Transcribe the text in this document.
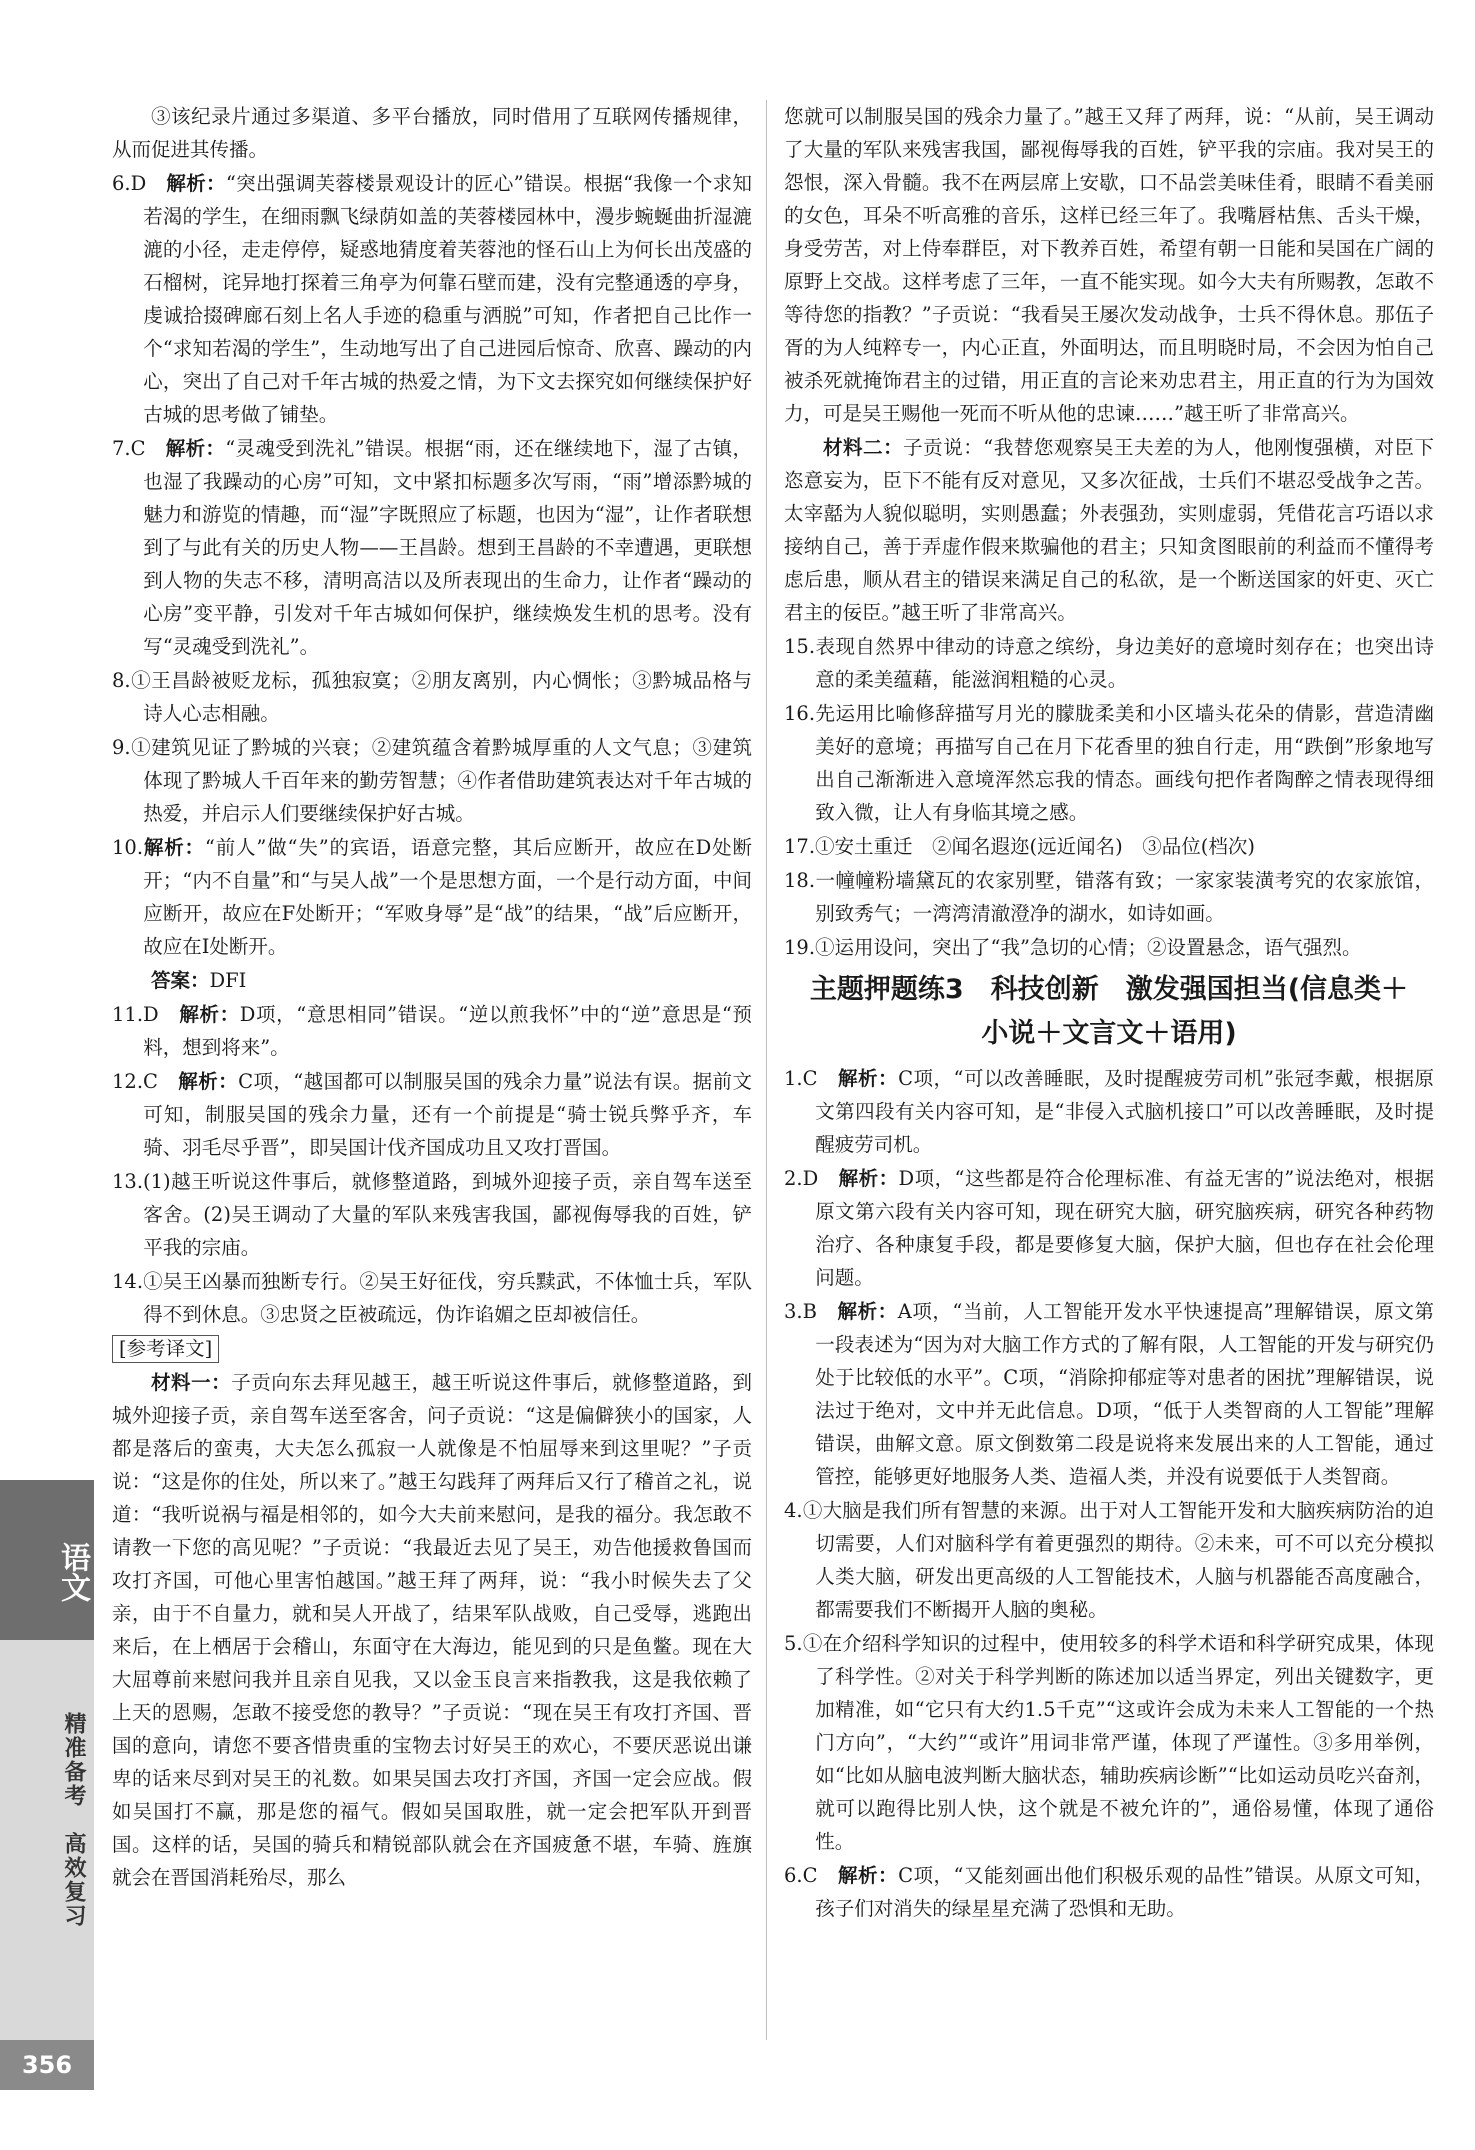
③该纪录片通过多渠道、多平台播放，同时借用了互联网传播规律，从而促进其传播。

6.D　 解析：“突出强调芙蓉楼景观设计的匠心”错误。根据“我像一个求知若渴的学生，在细雨飘飞绿荫如盖的芙蓉楼园林中，漫步蜿蜒曲折湿漉漉的小径，走走停停，疑惑地猜度着芙蓉池的怪石山上为何长出茂盛的石榴树，诧异地打探着三角亭为何靠石壁而建，没有完整通透的亭身，虔诚拾掇碑廊石刻上名人手迹的稳重与洒脱”可知，作者把自己比作一个“求知若渴的学生”，生动地写出了自己进园后惊奇、欣喜、躁动的内心，突出了自己对千年古城的热爱之情，为下文去探究如何继续保护好古城的思考做了铺垫。

7.C　 解析：“灵魂受到洗礼”错误。根据“雨，还在继续地下，湿了古镇，也湿了我躁动的心房”可知，文中紧扣标题多次写雨，“雨”增添黔城的魅力和游览的情趣，而“湿”字既照应了标题，也因为“湿”，让作者联想到了与此有关的历史人物——王昌龄。想到王昌龄的不幸遭遇，更联想到人物的失志不移，清明高洁以及所表现出的生命力，让作者“躁动的心房”变平静，引发对千年古城如何保护，继续焕发生机的思考。没有写“灵魂受到洗礼”。

8.①王昌龄被贬龙标，孤独寂寞；②朋友离别，内心惆怅；③黔城品格与诗人心志相融。

9.①建筑见证了黔城的兴衰；②建筑蕴含着黔城厚重的人文气息；③建筑体现了黔城人千百年来的勤劳智慧；④作者借助建筑表达对千年古城的热爱，并启示人们要继续保护好古城。

10.解析：“前人”做“失”的宾语，语意完整，其后应断开，故应在D处断开；“内不自量”和“与吴人战”一个是思想方面，一个是行动方面，中间应断开，故应在F处断开；“军败身辱”是“战”的结果，“战”后应断开，故应在I处断开。

答案：DFI

11.D　 解析：D项，“意思相同”错误。“逆以煎我怀”中的“逆”意思是“预料，想到将来”。

12.C　 解析：C项，“越国都可以制服吴国的残余力量”说法有误。据前文可知，制服吴国的残余力量，还有一个前提是“骑士锐兵弊乎齐，车骑、羽毛尽乎晋”，即吴国计伐齐国成功且又攻打晋国。

13.(1)越王听说这件事后，就修整道路，到城外迎接子贡，亲自驾车送至客舍。(2)吴王调动了大量的军队来残害我国，鄙视侮辱我的百姓，铲平我的宗庙。

14.①吴王凶暴而独断专行。②吴王好征伐，穷兵黩武，不体恤士兵，军队得不到休息。③忠贤之臣被疏远，伪诈谄媚之臣却被信任。

[参考译文]

材料一：子贡向东去拜见越王，越王听说这件事后，就修整道路，到城外迎接子贡，亲自驾车送至客舍，问子贡说：“这是偏僻狭小的国家，人都是落后的蛮夷，大夫怎么孤寂一人就像是不怕屈辱来到这里呢？”子贡说：“这是你的住处，所以来了。”越王勾践拜了两拜后又行了稽首之礼，说道：“我听说祸与福是相邻的，如今大夫前来慰问，是我的福分。我怎敢不请教一下您的高见呢？”子贡说：“我最近去见了吴王，劝告他援救鲁国而攻打齐国，可他心里害怕越国。”越王拜了两拜，说：“我小时候失去了父亲，由于不自量力，就和吴人开战了，结果军队战败，自己受辱，逃跑出来后，在上栖居于会稽山，东面守在大海边，能见到的只是鱼鳖。现在大大屈尊前来慰问我并且亲自见我，又以金玉良言来指教我，这是我依赖了上天的恩赐，怎敢不接受您的教导？”子贡说：“现在吴王有攻打齐国、晋国的意向，请您不要吝惜贵重的宝物去讨好吴王的欢心，不要厌恶说出谦卑的话来尽到对吴王的礼数。如果吴国去攻打齐国，齐国一定会应战。假如吴国打不赢，那是您的福气。假如吴国取胜，就一定会把军队开到晋国。这样的话，吴国的骑兵和精锐部队就会在齐国疲惫不堪，车骑、旌旗就会在晋国消耗殆尽，那么

您就可以制服吴国的残余力量了。”越王又拜了两拜，说：“从前，吴王调动了大量的军队来残害我国，鄙视侮辱我的百姓，铲平我的宗庙。我对吴王的怨恨，深入骨髓。我不在两层席上安歇，口不品尝美味佳肴，眼睛不看美丽的女色，耳朵不听高雅的音乐，这样已经三年了。我嘴唇枯焦、舌头干燥，身受劳苦，对上侍奉群臣，对下教养百姓，希望有朝一日能和吴国在广阔的原野上交战。这样考虑了三年，一直不能实现。如今大夫有所赐教，怎敢不等待您的指教？”子贡说：“我看吴王屡次发动战争，士兵不得休息。那伍子胥的为人纯粹专一，内心正直，外面明达，而且明晓时局，不会因为怕自己被杀死就掩饰君主的过错，用正直的言论来劝忠君主，用正直的行为为国效力，可是吴王赐他一死而不听从他的忠谏……”越王听了非常高兴。

材料二：子贡说：“我替您观察吴王夫差的为人，他刚愎强横，对臣下恣意妄为，臣下不能有反对意见，又多次征战，士兵们不堪忍受战争之苦。太宰嚭为人貌似聪明，实则愚蠢；外表强劲，实则虚弱，凭借花言巧语以求接纳自己，善于弄虚作假来欺骗他的君主；只知贪图眼前的利益而不懂得考虑后患，顺从君主的错误来满足自己的私欲，是一个断送国家的奸吏、灭亡君主的佞臣。”越王听了非常高兴。

15.表现自然界中律动的诗意之缤纷，身边美好的意境时刻存在；也突出诗意的柔美蕴藉，能滋润粗糙的心灵。

16.先运用比喻修辞描写月光的朦胧柔美和小区墙头花朵的倩影，营造清幽美好的意境；再描写自己在月下花香里的独自行走，用“跌倒”形象地写出自己渐渐进入意境浑然忘我的情态。画线句把作者陶醉之情表现得细致入微，让人有身临其境之感。

17.①安土重迁　②闻名遐迩(远近闻名)　③品位(档次)

18.一幢幢粉墙黛瓦的农家别墅，错落有致；一家家装潢考究的农家旅馆，别致秀气；一湾湾清澈澄净的湖水，如诗如画。

19.①运用设问，突出了“我”急切的心情；②设置悬念，语气强烈。

主题押题练3　科技创新　激发强国担当(信息类＋
小说＋文言文＋语用)

1.C　 解析：C项，“可以改善睡眠，及时提醒疲劳司机”张冠李戴，根据原文第四段有关内容可知，是“非侵入式脑机接口”可以改善睡眠，及时提醒疲劳司机。

2.D　 解析：D项，“这些都是符合伦理标准、有益无害的”说法绝对，根据原文第六段有关内容可知，现在研究大脑，研究脑疾病，研究各种药物治疗、各种康复手段，都是要修复大脑，保护大脑，但也存在社会伦理问题。

3.B　 解析：A项，“当前，人工智能开发水平快速提高”理解错误，原文第一段表述为“因为对大脑工作方式的了解有限，人工智能的开发与研究仍处于比较低的水平”。C项，“消除抑郁症等对患者的困扰”理解错误，说法过于绝对，文中并无此信息。D项，“低于人类智商的人工智能”理解错误，曲解文意。原文倒数第二段是说将来发展出来的人工智能，通过管控，能够更好地服务人类、造福人类，并没有说要低于人类智商。

4.①大脑是我们所有智慧的来源。出于对人工智能开发和大脑疾病防治的迫切需要，人们对脑科学有着更强烈的期待。②未来，可不可以充分模拟人类大脑，研发出更高级的人工智能技术，人脑与机器能否高度融合，都需要我们不断揭开人脑的奥秘。

5.①在介绍科学知识的过程中，使用较多的科学术语和科学研究成果，体现了科学性。②对关于科学判断的陈述加以适当界定，列出关键数字，更加精准，如“它只有大约1.5千克”“这或许会成为未来人工智能的一个热门方向”，“大约”“或许”用词非常严谨，体现了严谨性。③多用举例，如“比如从脑电波判断大脑状态，辅助疾病诊断”“比如运动员吃兴奋剂，就可以跑得比别人快，这个就是不被允许的”，通俗易懂，体现了通俗性。

6.C　 解析：C项，“又能刻画出他们积极乐观的品性”错误。从原文可知，孩子们对消失的绿星星充满了恐惧和无助。

语文
精准备考　高效复习
356
